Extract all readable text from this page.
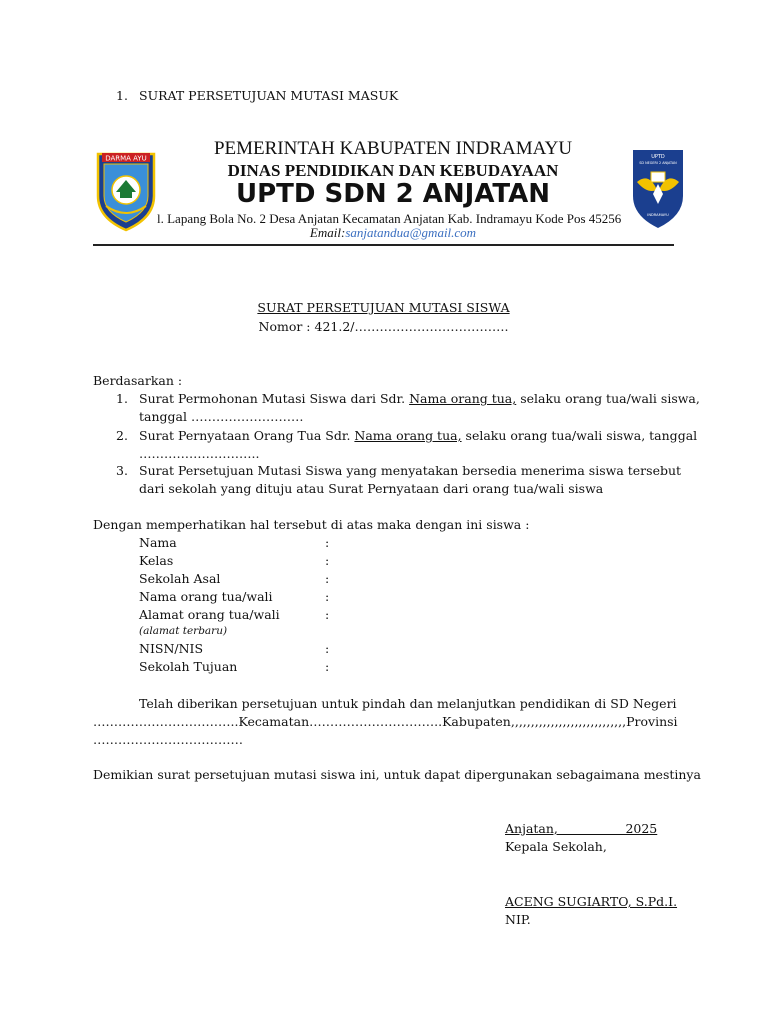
1. SURAT PERSETUJUAN MUTASI MASUK
DARMA AYU	UPTD
SD NEGERI 2 ANJATAN
INDRAMAYU
PEMERINTAH KABUPATEN INDRAMAYU
DINAS PENDIDIKAN DAN KEBUDAYAAN
UPTD SDN 2 ANJATAN
l. Lapang Bola No. 2 Desa Anjatan Kecamatan Anjatan Kab. Indramayu Kode Pos 45256
Email:sanjatandua@gmail.com
SURAT PERSETUJUAN MUTASI SISWA
Nomor : 421.2/……………………………….
Berdasarkan :
1. Surat Permohonan Mutasi Siswa dari Sdr. Nama orang tua, selaku orang tua/wali siswa,
tanggal ………………………
2. Surat Pernyataan Orang Tua Sdr. Nama orang tua, selaku orang tua/wali siswa, tanggal
………………………..
3. Surat Persetujuan Mutasi Siswa yang menyatakan bersedia menerima siswa tersebut
dari sekolah yang dituju atau Surat Pernyataan dari orang tua/wali siswa
Dengan memperhatikan hal tersebut di atas maka dengan ini siswa :
Nama	:
Kelas	:
Sekolah Asal	:
Nama orang tua/wali	:
Alamat orang tua/wali	:
(alamat terbaru)
NISN/NIS	:
Sekolah Tujuan	:
Telah diberikan persetujuan untuk pindah dan melanjutkan pendidikan di SD Negeri
…………………………….. Kecamatan ………………………….. Kabupaten ,,,,,,,,,,,,,,,,,,,,,,,,,,,,, Provinsi
………………………………
Demikian surat persetujuan mutasi siswa ini, untuk dapat dipergunakan sebagaimana mestinya
Anjatan,                 2025
Kepala Sekolah,
ACENG SUGIARTO, S.Pd.I.
NIP.
